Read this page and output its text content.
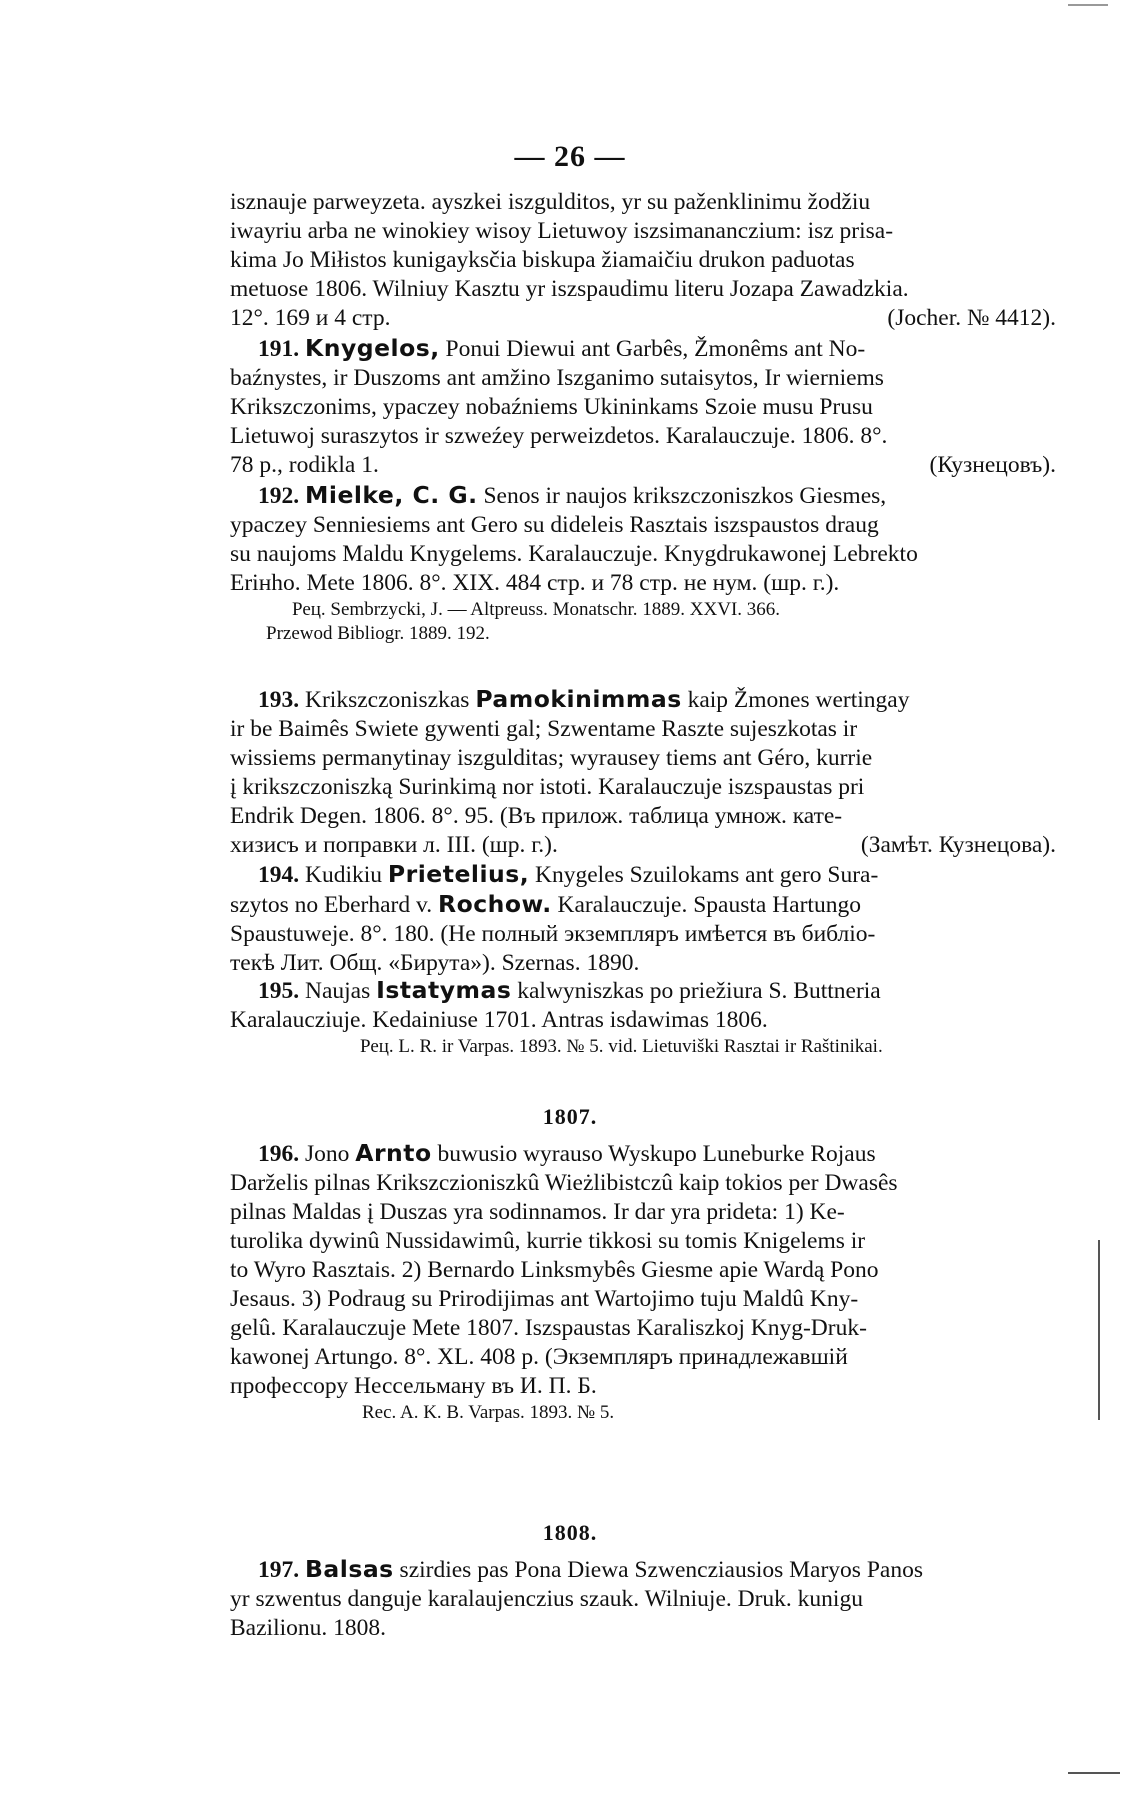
— 26 —

isznauje parweyzeta. ayszkei iszgulditos, yr su paženklinimu žodžiu

iwayriu arba ne winokiey wisoy Lietuwoy iszsimananczium: isz prisa-

kima Jo Miłistos kunigayksčia biskupa žiamaičiu drukon paduotas

metuose 1806. Wilniuy Kasztu yr iszspaudimu literu Jozapa Zawadzkia.

12°. 169 и 4 стр.	(Jocher. № 4412).

191. Knygelos, Ponui Diewui ant Garbês, Žmonêms ant No-

baźnystes, ir Duszoms ant amžino Iszganimo sutaisytos, Ir wierniems

Krikszczonims, ypaczey nobaźniems Ukininkams Szoie musu Prusu

Lietuwoj suraszytos ir szweźey perweizdetos. Karalauczuje. 1806. 8°.

78 p., rodikla 1.	(Кузнецовъ).

192. Mielke, C. G. Senos ir naujos krikszczoniszkos Giesmes,

ypaczey Senniesiems ant Gero su dideleis Rasztais iszspaustos draug

su naujoms Maldu Knygelems. Karalauczuje. Knygdrukawonej Lebrekto

Eriнho. Mete 1806. 8°. XIX. 484 стр. и 78 стр. не нум. (шр. г.).

Рец. Sembrzycki, J. — Altpreuss. Monatschr. 1889. XXVI. 366.

Przewod Bibliogr. 1889. 192.

193. Krikszczoniszkas Pamokinimmas kaip Žmones wertingay

ir be Baimês Swiete gywenti gal; Szwentame Raszte sujeszkotas ir

wissiems permanytinay iszgulditas; wyrausey tiems ant Géro, kurrie

į krikszczoniszką Surinkimą nor istoti. Karalauczuje iszspaustas pri

Endrik Degen. 1806. 8°. 95. (Въ прилож. таблица умнож. кате-

хизисъ и поправки л. III. (шр. г.).	(Замѣт. Кузнецова).

194. Kudikiu Prietelius, Knygeles Szuilokams ant gero Sura-

szytos no Eberhard v. Rochow. Karalauczuje. Spausta Hartungo

Spaustuweje. 8°. 180. (Не полный экземпляръ имѣется въ библіо-

текѣ Лит. Общ. «Бирута»). Szernas. 1890.

195. Naujas Istatymas kalwyniszkas po priežiura S. Buttneria

Karalaucziuje. Kedainiuse 1701. Antras isdawimas 1806.

Рец. L. R. ir Varpas. 1893. № 5. vid. Lietuviški Rasztai ir Raštinikai.

1807.

196. Jono Arnto buwusio wyrauso Wyskupo Luneburke Rojaus

Darželis pilnas Krikszczioniszkû Wieżlibistczû kaip tokios per Dwasês

pilnas Maldas į Duszas yra sodinnamos. Ir dar yra prideta: 1) Ke-

turolika dywinû Nussidawimû, kurrie tikkosi su tomis Knigelems ir

to Wyro Rasztais. 2) Bernardo Linksmybês Giesme apie Wardą Pono

Jesaus. 3) Podraug su Prirodijimas ant Wartojimo tuju Maldû Kny-

gelû. Karalauczuje Mete 1807. Iszspaustas Karaliszkoj Knyg-Druk-

kawonej Artungo. 8°. XL. 408 p. (Экземпляръ принадлежавшій

профессору Нессельману въ И. П. Б.

Rec. A. K. B. Varpas. 1893. № 5.

1808.

197. Balsas szirdies pas Pona Diewa Szwencziausios Maryos Panos

yr szwentus danguje karalaujenczius szauk. Wilniuje. Druk. kunigu

Bazilionu. 1808.
